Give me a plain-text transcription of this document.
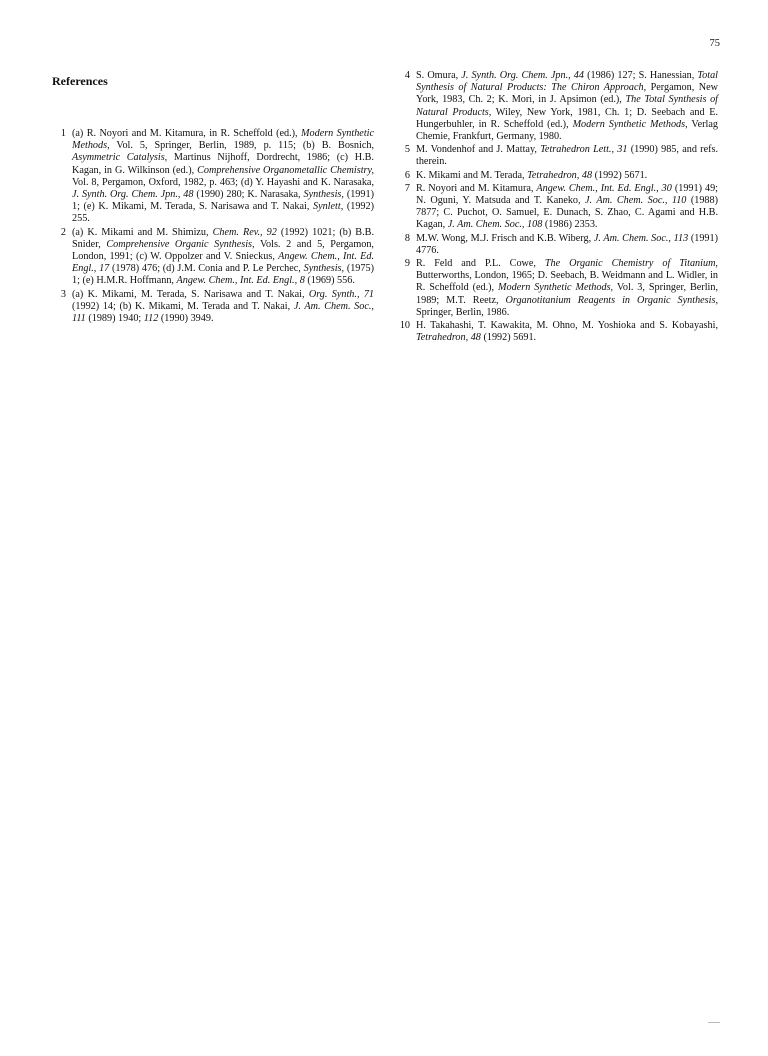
75
References
1 (a) R. Noyori and M. Kitamura, in R. Scheffold (ed.), Modern Synthetic Methods, Vol. 5, Springer, Berlin, 1989, p. 115; (b) B. Bosnich, Asymmetric Catalysis, Martinus Nijhoff, Dordrecht, 1986; (c) H.B. Kagan, in G. Wilkinson (ed.), Comprehensive Organometallic Chemistry, Vol. 8, Pergamon, Oxford, 1982, p. 463; (d) Y. Hayashi and K. Narasaka, J. Synth. Org. Chem. Jpn., 48 (1990) 280; K. Narasaka, Synthesis, (1991) 1; (e) K. Mikami, M. Terada, S. Narisawa and T. Nakai, Synlett, (1992) 255.
2 (a) K. Mikami and M. Shimizu, Chem. Rev., 92 (1992) 1021; (b) B.B. Snider, Comprehensive Organic Synthesis, Vols. 2 and 5, Pergamon, London, 1991; (c) W. Oppolzer and V. Snieckus, Angew. Chem., Int. Ed. Engl., 17 (1978) 476; (d) J.M. Conia and P. Le Perchec, Synthesis, (1975) 1; (e) H.M.R. Hoffmann, Angew. Chem., Int. Ed. Engl., 8 (1969) 556.
3 (a) K. Mikami, M. Terada, S. Narisawa and T. Nakai, Org. Synth., 71 (1992) 14; (b) K. Mikami, M. Terada and T. Nakai, J. Am. Chem. Soc., 111 (1989) 1940; 112 (1990) 3949.
4 S. Omura, J. Synth. Org. Chem. Jpn., 44 (1986) 127; S. Hanessian, Total Synthesis of Natural Products: The Chiron Approach, Pergamon, New York, 1983, Ch. 2; K. Mori, in J. Apsimon (ed.), The Total Synthesis of Natural Products, Wiley, New York, 1981, Ch. 1; D. Seebach and E. Hungerbuhler, in R. Scheffold (ed.), Modern Synthetic Methods, Verlag Chemie, Frankfurt, Germany, 1980.
5 M. Vondenhof and J. Mattay, Tetrahedron Lett., 31 (1990) 985, and refs. therein.
6 K. Mikami and M. Terada, Tetrahedron, 48 (1992) 5671.
7 R. Noyori and M. Kitamura, Angew. Chem., Int. Ed. Engl., 30 (1991) 49; N. Oguni, Y. Matsuda and T. Kaneko, J. Am. Chem. Soc., 110 (1988) 7877; C. Puchot, O. Samuel, E. Dunach, S. Zhao, C. Agami and H.B. Kagan, J. Am. Chem. Soc., 108 (1986) 2353.
8 M.W. Wong, M.J. Frisch and K.B. Wiberg, J. Am. Chem. Soc., 113 (1991) 4776.
9 R. Feld and P.L. Cowe, The Organic Chemistry of Titanium, Butterworths, London, 1965; D. Seebach, B. Weidmann and L. Widler, in R. Scheffold (ed.), Modern Synthetic Methods, Vol. 3, Springer, Berlin, 1989; M.T. Reetz, Organotitanium Reagents in Organic Synthesis, Springer, Berlin, 1986.
10 H. Takahashi, T. Kawakita, M. Ohno, M. Yoshioka and S. Kobayashi, Tetrahedron, 48 (1992) 5691.
